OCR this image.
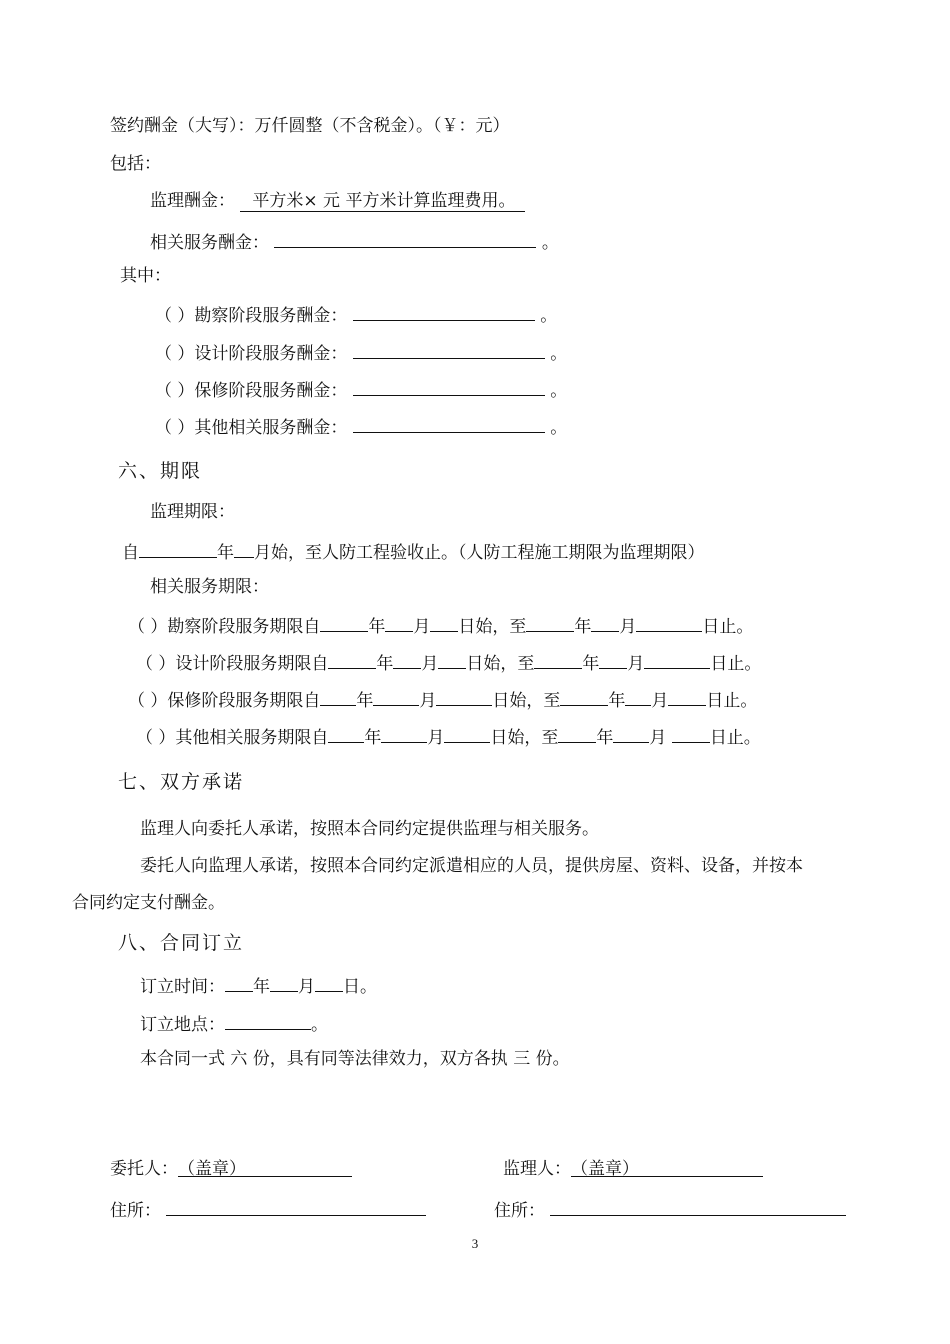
签约酬金（大写）：万仟圆整（不含税金）。（￥：元）
包括：
监理酬金： 平方米× 元 平方米计算监理费用。
相关服务酬金：	。
其中：
（ ）勘察阶段服务酬金：	。
（ ）设计阶段服务酬金：	。
（ ）保修阶段服务酬金：	。
（ ）其他相关服务酬金：	。
六、期限
监理期限：
自	年 月始，至人防工程验收止。（人防工程施工期限为监理期限）
相关服务期限：
（ ）勘察阶段服务期限自	年 月 日始，至	年 月	日止。
（ ）设计阶段服务期限自	年 月 日始，至	年 月	日止。
（ ）保修阶段服务期限自 年	月	日始，至	年 月 日止。
（ ）其他相关服务期限自 年	月	日始，至 年 月	日止。
七、双方承诺
监理人向委托人承诺，按照本合同约定提供监理与相关服务。
委托人向监理人承诺，按照本合同约定派遣相应的人员，提供房屋、资料、设备，并按本
合同约定支付酬金。
八、合同订立
订立时间： 年 月 日。
订立地点：	。
本合同一式 六 份，具有同等法律效力，双方各执 三 份。
委托人：（盖章）	监理人：（盖章）
住所：	住所：
3
